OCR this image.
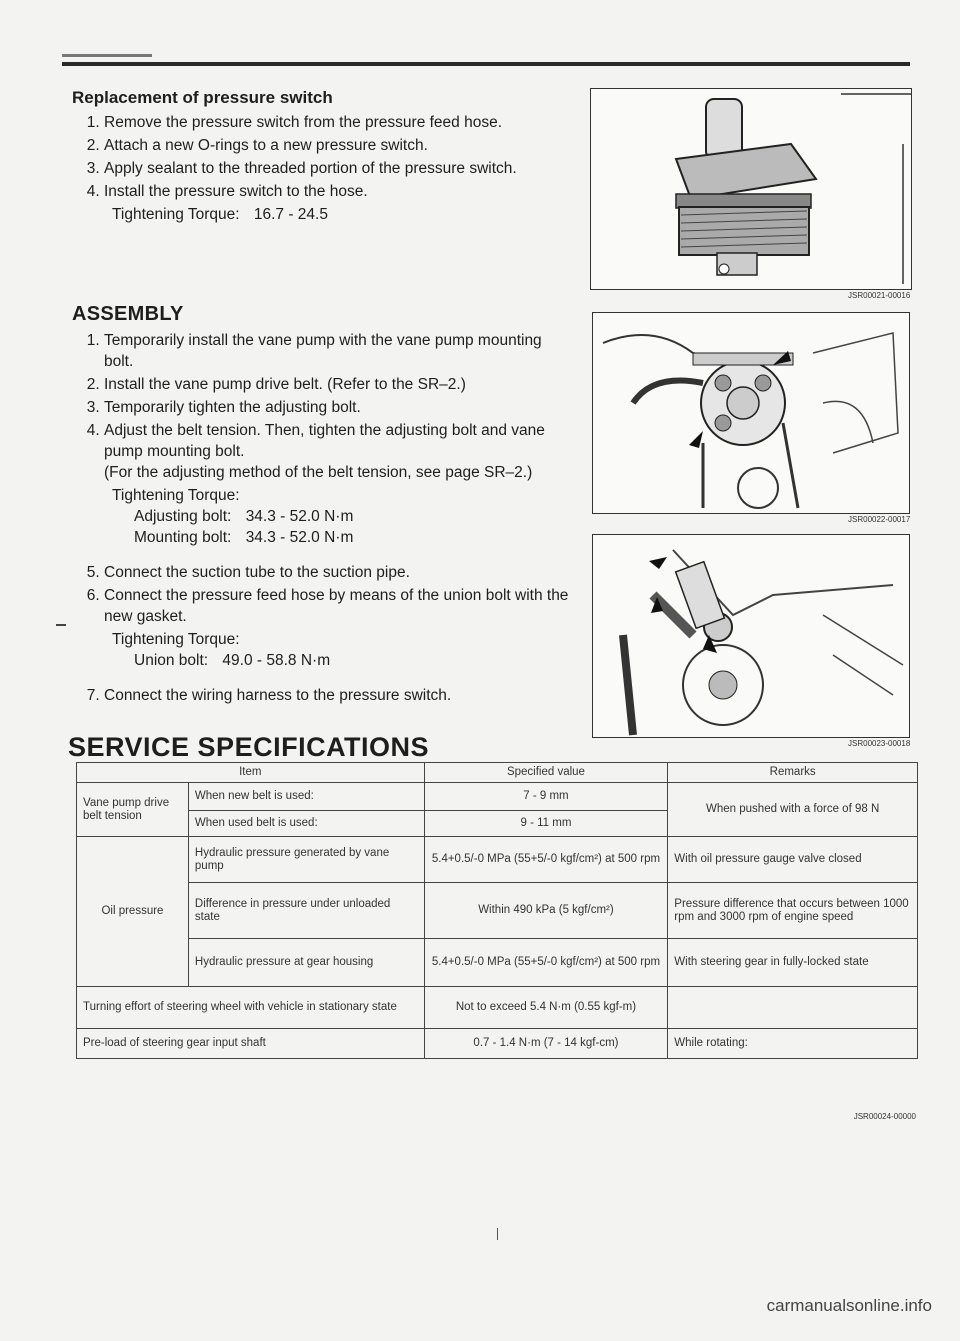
Replacement of pressure switch
1. Remove the pressure switch from the pressure feed hose.
2. Attach a new O-rings to a new pressure switch.
3. Apply sealant to the threaded portion of the pressure switch.
4. Install the pressure switch to the hose.
Tightening Torque: 16.7 - 24.5
ASSEMBLY
1. Temporarily install the vane pump with the vane pump mounting bolt.
2. Install the vane pump drive belt. (Refer to the SR–2.)
3. Temporarily tighten the adjusting bolt.
4. Adjust the belt tension. Then, tighten the adjusting bolt and vane pump mounting bolt.
(For the adjusting method of the belt tension, see page SR–2.)
Tightening Torque:
Adjusting bolt: 34.3 - 52.0 N·m
Mounting bolt: 34.3 - 52.0 N·m
5. Connect the suction tube to the suction pipe.
6. Connect the pressure feed hose by means of the union bolt with the new gasket.
Tightening Torque:
Union bolt: 49.0 - 58.8 N·m
7. Connect the wiring harness to the pressure switch.
JSR00021-00016
JSR00022-00017
JSR00023-00018
SERVICE SPECIFICATIONS
Item		Specified value	Remarks
Vane pump drive belt tension	When new belt is used:	7 - 9 mm	When pushed with a force of 98 N
	When used belt is used:	9 - 11 mm	
Oil pressure	Hydraulic pressure generated by vane pump	5.4+0.5/-0 MPa (55+5/-0 kgf/cm²) at 500 rpm	With oil pressure gauge valve closed
	Difference in pressure under unloaded state	Within 490 kPa (5 kgf/cm²)	Pressure difference that occurs between 1000 rpm and 3000 rpm of engine speed
	Hydraulic pressure at gear housing	5.4+0.5/-0 MPa (55+5/-0 kgf/cm²) at 500 rpm	With steering gear in fully-locked state
Turning effort of steering wheel with vehicle in stationary state		Not to exceed 5.4 N·m (0.55 kgf-m)	
Pre-load of steering gear input shaft		0.7 - 1.4 N·m (7 - 14 kgf-cm)	While rotating:
JSR00024-00000
carmanualsonline.info
